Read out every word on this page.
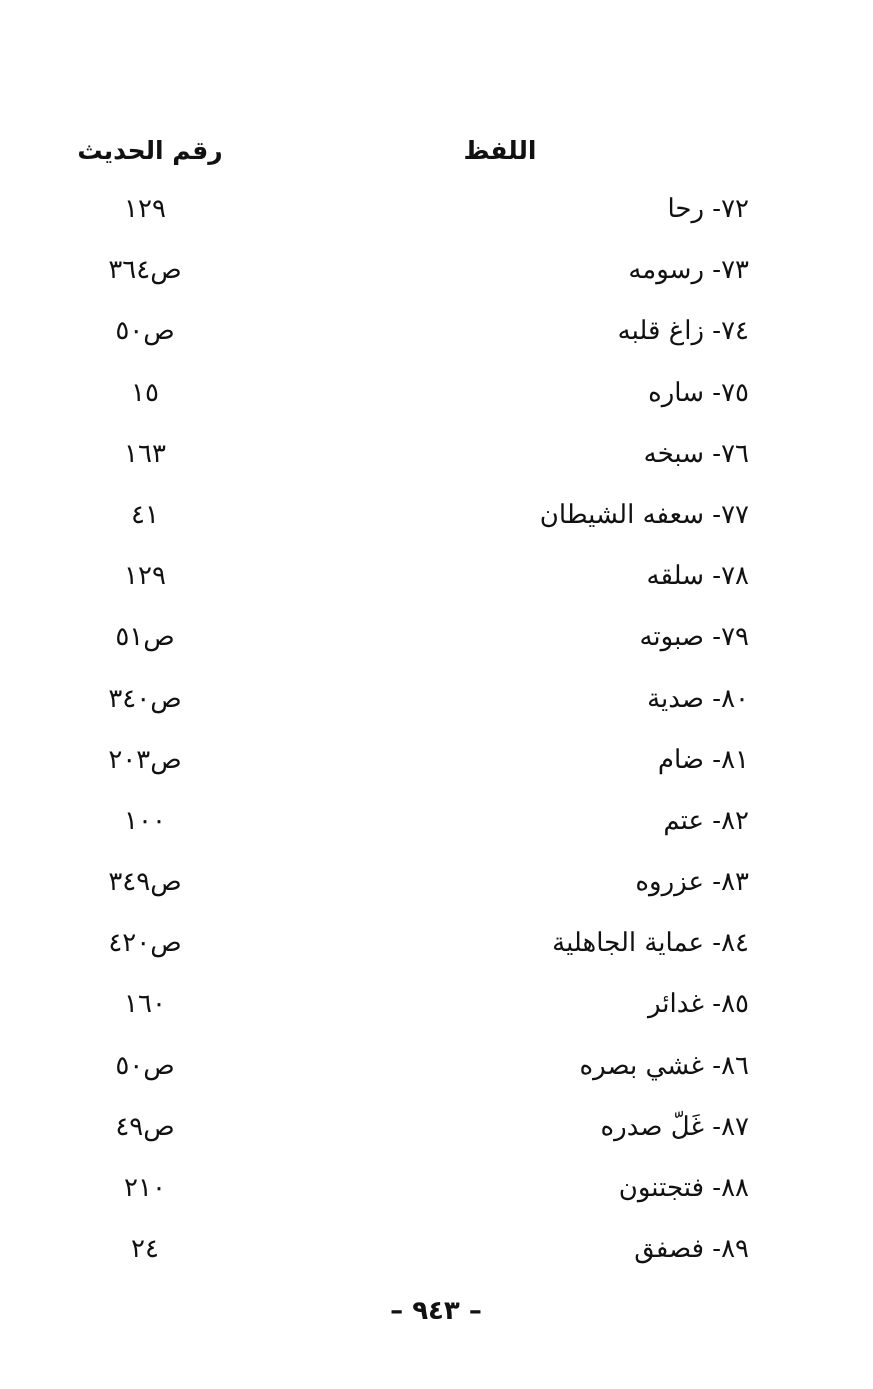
اللفظ
رقم الحديث
٧٢- رحا
١٢٩
٧٣- رسومه
ص٣٦٤
٧٤- زاغ قلبه
ص٥٠
٧٥- ساره
١٥
٧٦- سبخه
١٦٣
٧٧- سعفه الشيطان
٤١
٧٨- سلقه
١٢٩
٧٩- صبوته
ص٥١
٨٠- صدية
ص٣٤٠
٨١- ضام
ص٢٠٣
٨٢- عتم
١٠٠
٨٣- عزروه
ص٣٤٩
٨٤- عماية الجاهلية
ص٤٢٠
٨٥- غدائر
١٦٠
٨٦- غشي بصره
ص٥٠
٨٧- غَلّ صدره
ص٤٩
٨٨- فتجتنون
٢١٠
٨٩- فصفق
٢٤
– ٩٤٣ –
